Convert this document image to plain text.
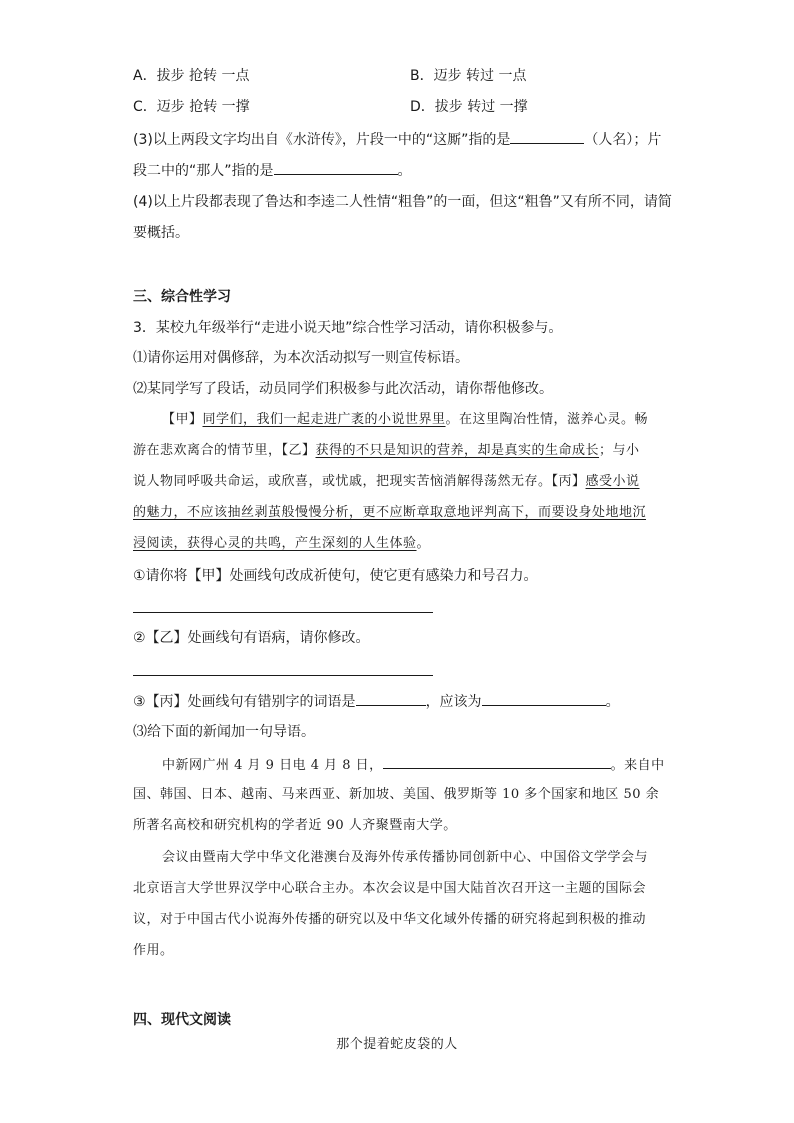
A．拔步 抢转 一点	B．迈步 转过 一点
C．迈步 抢转 一撑	D．拔步 转过 一撑
(3)以上两段文字均出自《水浒传》，片段一中的“这厮”指的是	（人名）；片
段二中的“那人”指的是	。
(4)以上片段都表现了鲁达和李逵二人性情“粗鲁”的一面，但这“粗鲁”又有所不同，请简
要概括。
三、综合性学习
3．某校九年级举行“走进小说天地”综合性学习活动，请你积极参与。
⑴请你运用对偶修辞，为本次活动拟写一则宣传标语。
⑵某同学写了段话，动员同学们积极参与此次活动，请你帮他修改。
【甲】同学们，我们一起走进广袤的小说世界里。在这里陶冶性情，滋养心灵。畅
游在悲欢离合的情节里，【乙】获得的不只是知识的营养，却是真实的生命成长；与小
说人物同呼吸共命运，或欣喜，或忧戚，把现实苦恼消解得荡然无存。【丙】感受小说
的魅力，不应该抽丝剥茧般慢慢分析，更不应断章取意地评判高下，而要设身处地地沉
浸阅读，获得心灵的共鸣，产生深刻的人生体验。
①请你将【甲】处画线句改成祈使句，使它更有感染力和号召力。
②【乙】处画线句有语病，请你修改。
③【丙】处画线句有错别字的词语是	，应该为	。
⑶给下面的新闻加一句导语。
中新网广州 4 月 9 日电 4 月 8 日，	。来自中
国、韩国、日本、越南、马来西亚、新加坡、美国、俄罗斯等 10 多个国家和地区 50 余
所著名高校和研究机构的学者近 90 人齐聚暨南大学。
会议由暨南大学中华文化港澳台及海外传承传播协同创新中心、中国俗文学学会与
北京语言大学世界汉学中心联合主办。本次会议是中国大陆首次召开这一主题的国际会
议，对于中国古代小说海外传播的研究以及中华文化域外传播的研究将起到积极的推动
作用。
四、现代文阅读
那个提着蛇皮袋的人
